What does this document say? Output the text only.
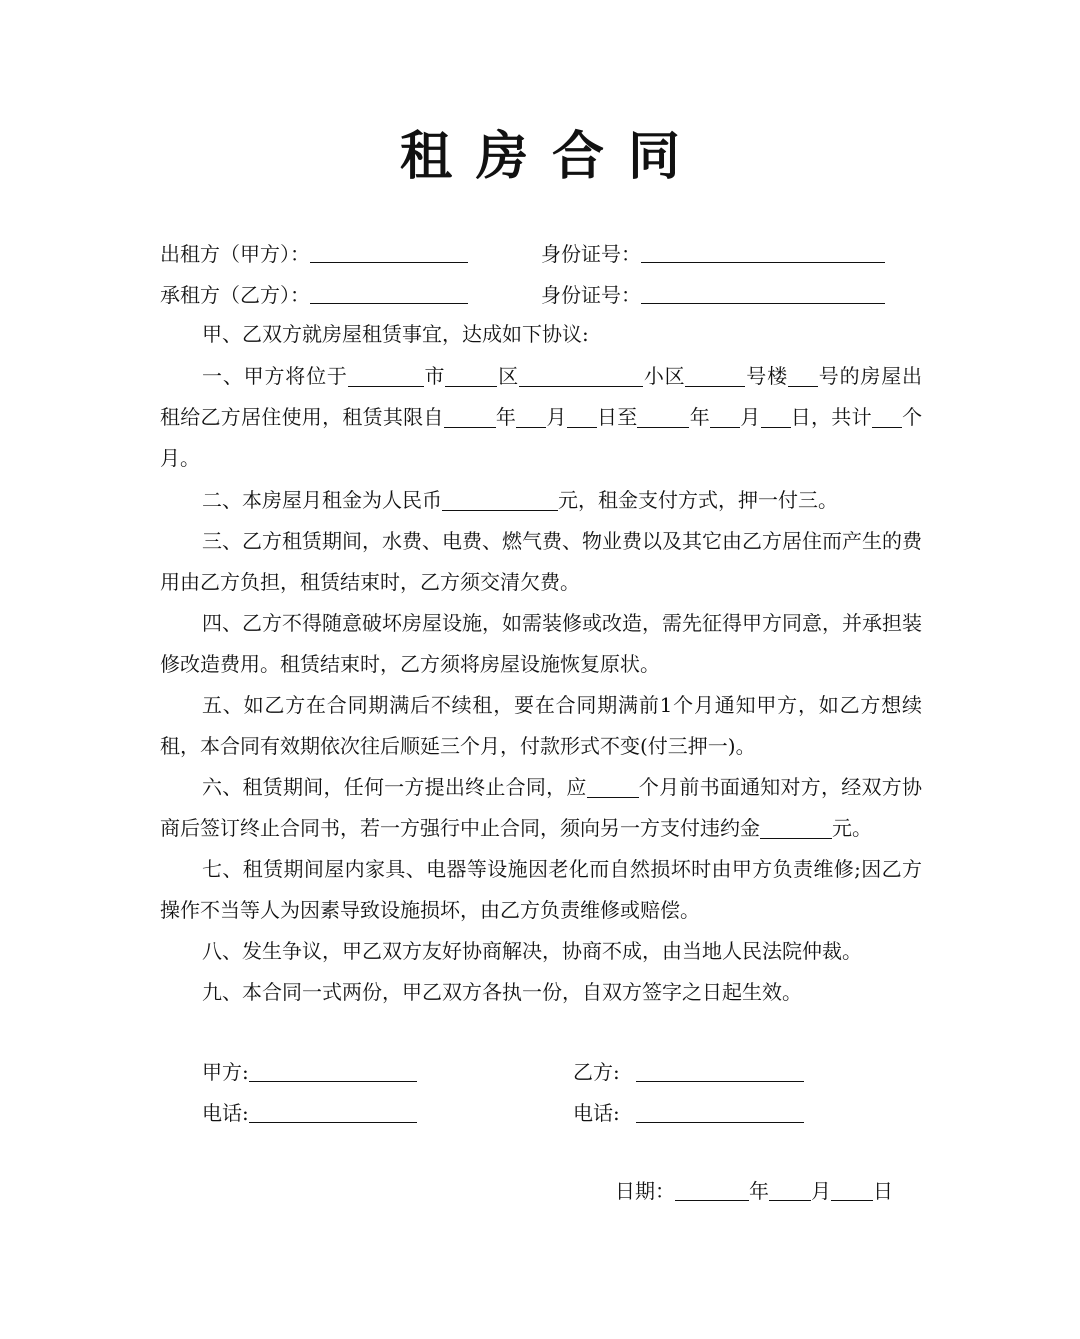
租房合同
出租方（甲方）：	身份证号：
承租方（乙方）：	身份证号：

甲、乙双方就房屋租赁事宜，达成如下协议:

一、甲方将位于	市	区	小区	号楼 号的房屋出租给乙方居住使用，租赁其限自	年 月 日至	年 月 日，共计 个月。

二、本房屋月租金为人民币	元，租金支付方式，押一付三。

三、乙方租赁期间，水费、电费、燃气费、物业费以及其它由乙方居住而产生的费用由乙方负担，租赁结束时，乙方须交清欠费。

四、乙方不得随意破坏房屋设施，如需装修或改造，需先征得甲方同意，并承担装修改造费用。租赁结束时，乙方须将房屋设施恢复原状。

五、如乙方在合同期满后不续租，要在合同期满前1个月通知甲方，如乙方想续租，本合同有效期依次往后顺延三个月，付款形式不变(付三押一)。

六、租赁期间，任何一方提出终止合同，应	个月前书面通知对方，经双方协商后签订终止合同书，若一方强行中止合同，须向另一方支付违约金	元。

七、租赁期间屋内家具、电器等设施因老化而自然损坏时由甲方负责维修;因乙方操作不当等人为因素导致设施损坏，由乙方负责维修或赔偿。

八、发生争议，甲乙双方友好协商解决，协商不成，由当地人民法院仲裁。

九、本合同一式两份，甲乙双方各执一份，自双方签字之日起生效。

甲方:	乙方:
电话:	电话:
日期：	年 月 日
